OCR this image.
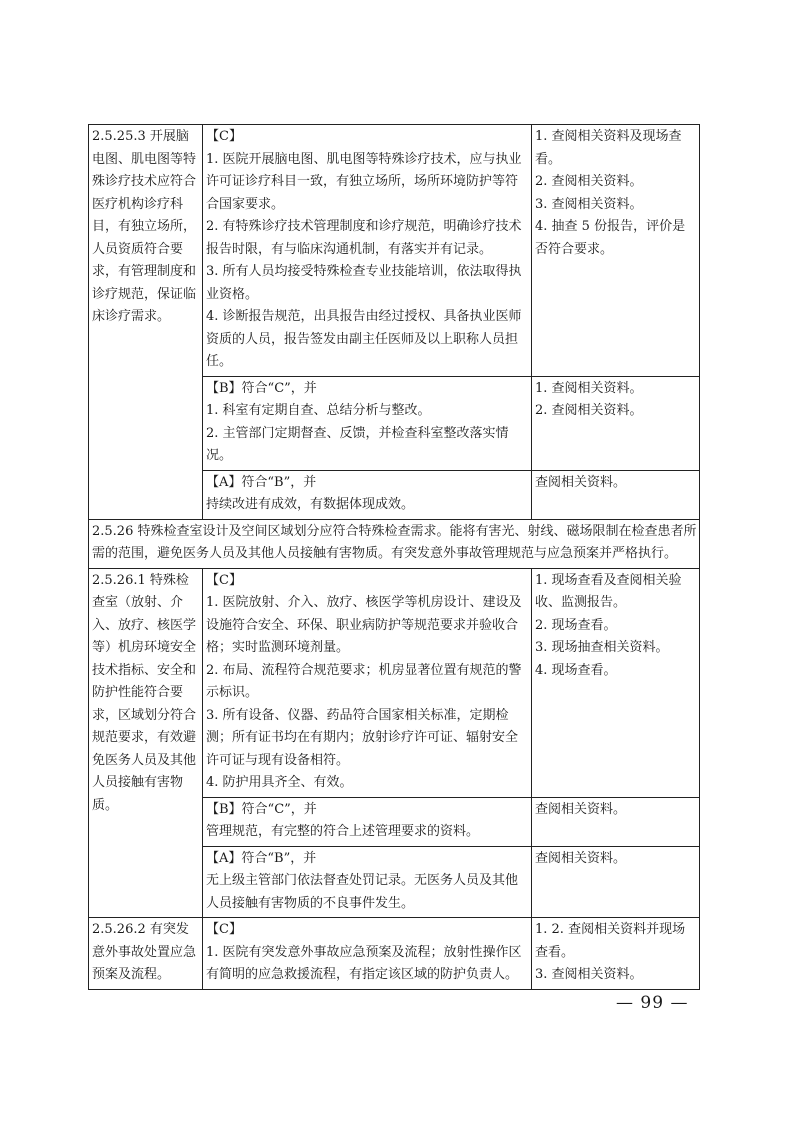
2.5.25.3 开展脑电图、肌电图等特殊诊疗技术应符合医疗机构诊疗科目，有独立场所，人员资质符合要求，有管理制度和诊疗规范，保证临床诊疗需求。	【C】
1. 医院开展脑电图、肌电图等特殊诊疗技术，应与执业许可证诊疗科目一致，有独立场所，场所环境防护等符合国家要求。
2. 有特殊诊疗技术管理制度和诊疗规范，明确诊疗技术报告时限，有与临床沟通机制，有落实并有记录。
3. 所有人员均接受特殊检查专业技能培训，依法取得执业资格。
4. 诊断报告规范，出具报告由经过授权、具备执业医师资质的人员，报告签发由副主任医师及以上职称人员担任。	1. 查阅相关资料及现场查看。
2. 查阅相关资料。
3. 查阅相关资料。
4. 抽查 5 份报告，评价是否符合要求。

	【B】符合“C”，并
1. 科室有定期自查、总结分析与整改。
2. 主管部门定期督查、反馈，并检查科室整改落实情况。	1. 查阅相关资料。
2. 查阅相关资料。

	【A】符合“B”，并
持续改进有成效，有数据体现成效。	查阅相关资料。
2.5.26 特殊检查室设计及空间区域划分应符合特殊检查需求。能将有害光、射线、磁场限制在检查患者所需的范围，避免医务人员及其他人员接触有害物质。有突发意外事故管理规范与应急预案并严格执行。		
2.5.26.1 特殊检查室（放射、介入、放疗、核医学等）机房环境安全技术指标、安全和防护性能符合要求，区域划分符合规范要求，有效避免医务人员及其他人员接触有害物质。	【C】
1. 医院放射、介入、放疗、核医学等机房设计、建设及设施符合安全、环保、职业病防护等规范要求并验收合格；实时监测环境剂量。
2. 布局、流程符合规范要求；机房显著位置有规范的警示标识。
3. 所有设备、仪器、药品符合国家相关标准，定期检测；所有证书均在有期内；放射诊疗许可证、辐射安全许可证与现有设备相符。
4. 防护用具齐全、有效。	1. 现场查看及查阅相关验收、监测报告。
2. 现场查看。
3. 现场抽查相关资料。
4. 现场查看。

	【B】符合“C”，并
管理规范，有完整的符合上述管理要求的资料。	查阅相关资料。

	【A】符合“B”，并
无上级主管部门依法督查处罚记录。无医务人员及其他人员接触有害物质的不良事件发生。	查阅相关资料。
2.5.26.2 有突发意外事故处置应急预案及流程。	【C】
1. 医院有突发意外事故应急预案及流程；放射性操作区有简明的应急救援流程，有指定该区域的防护负责人。	1. 2. 查阅相关资料并现场查看。
3. 查阅相关资料。
— 99 —
